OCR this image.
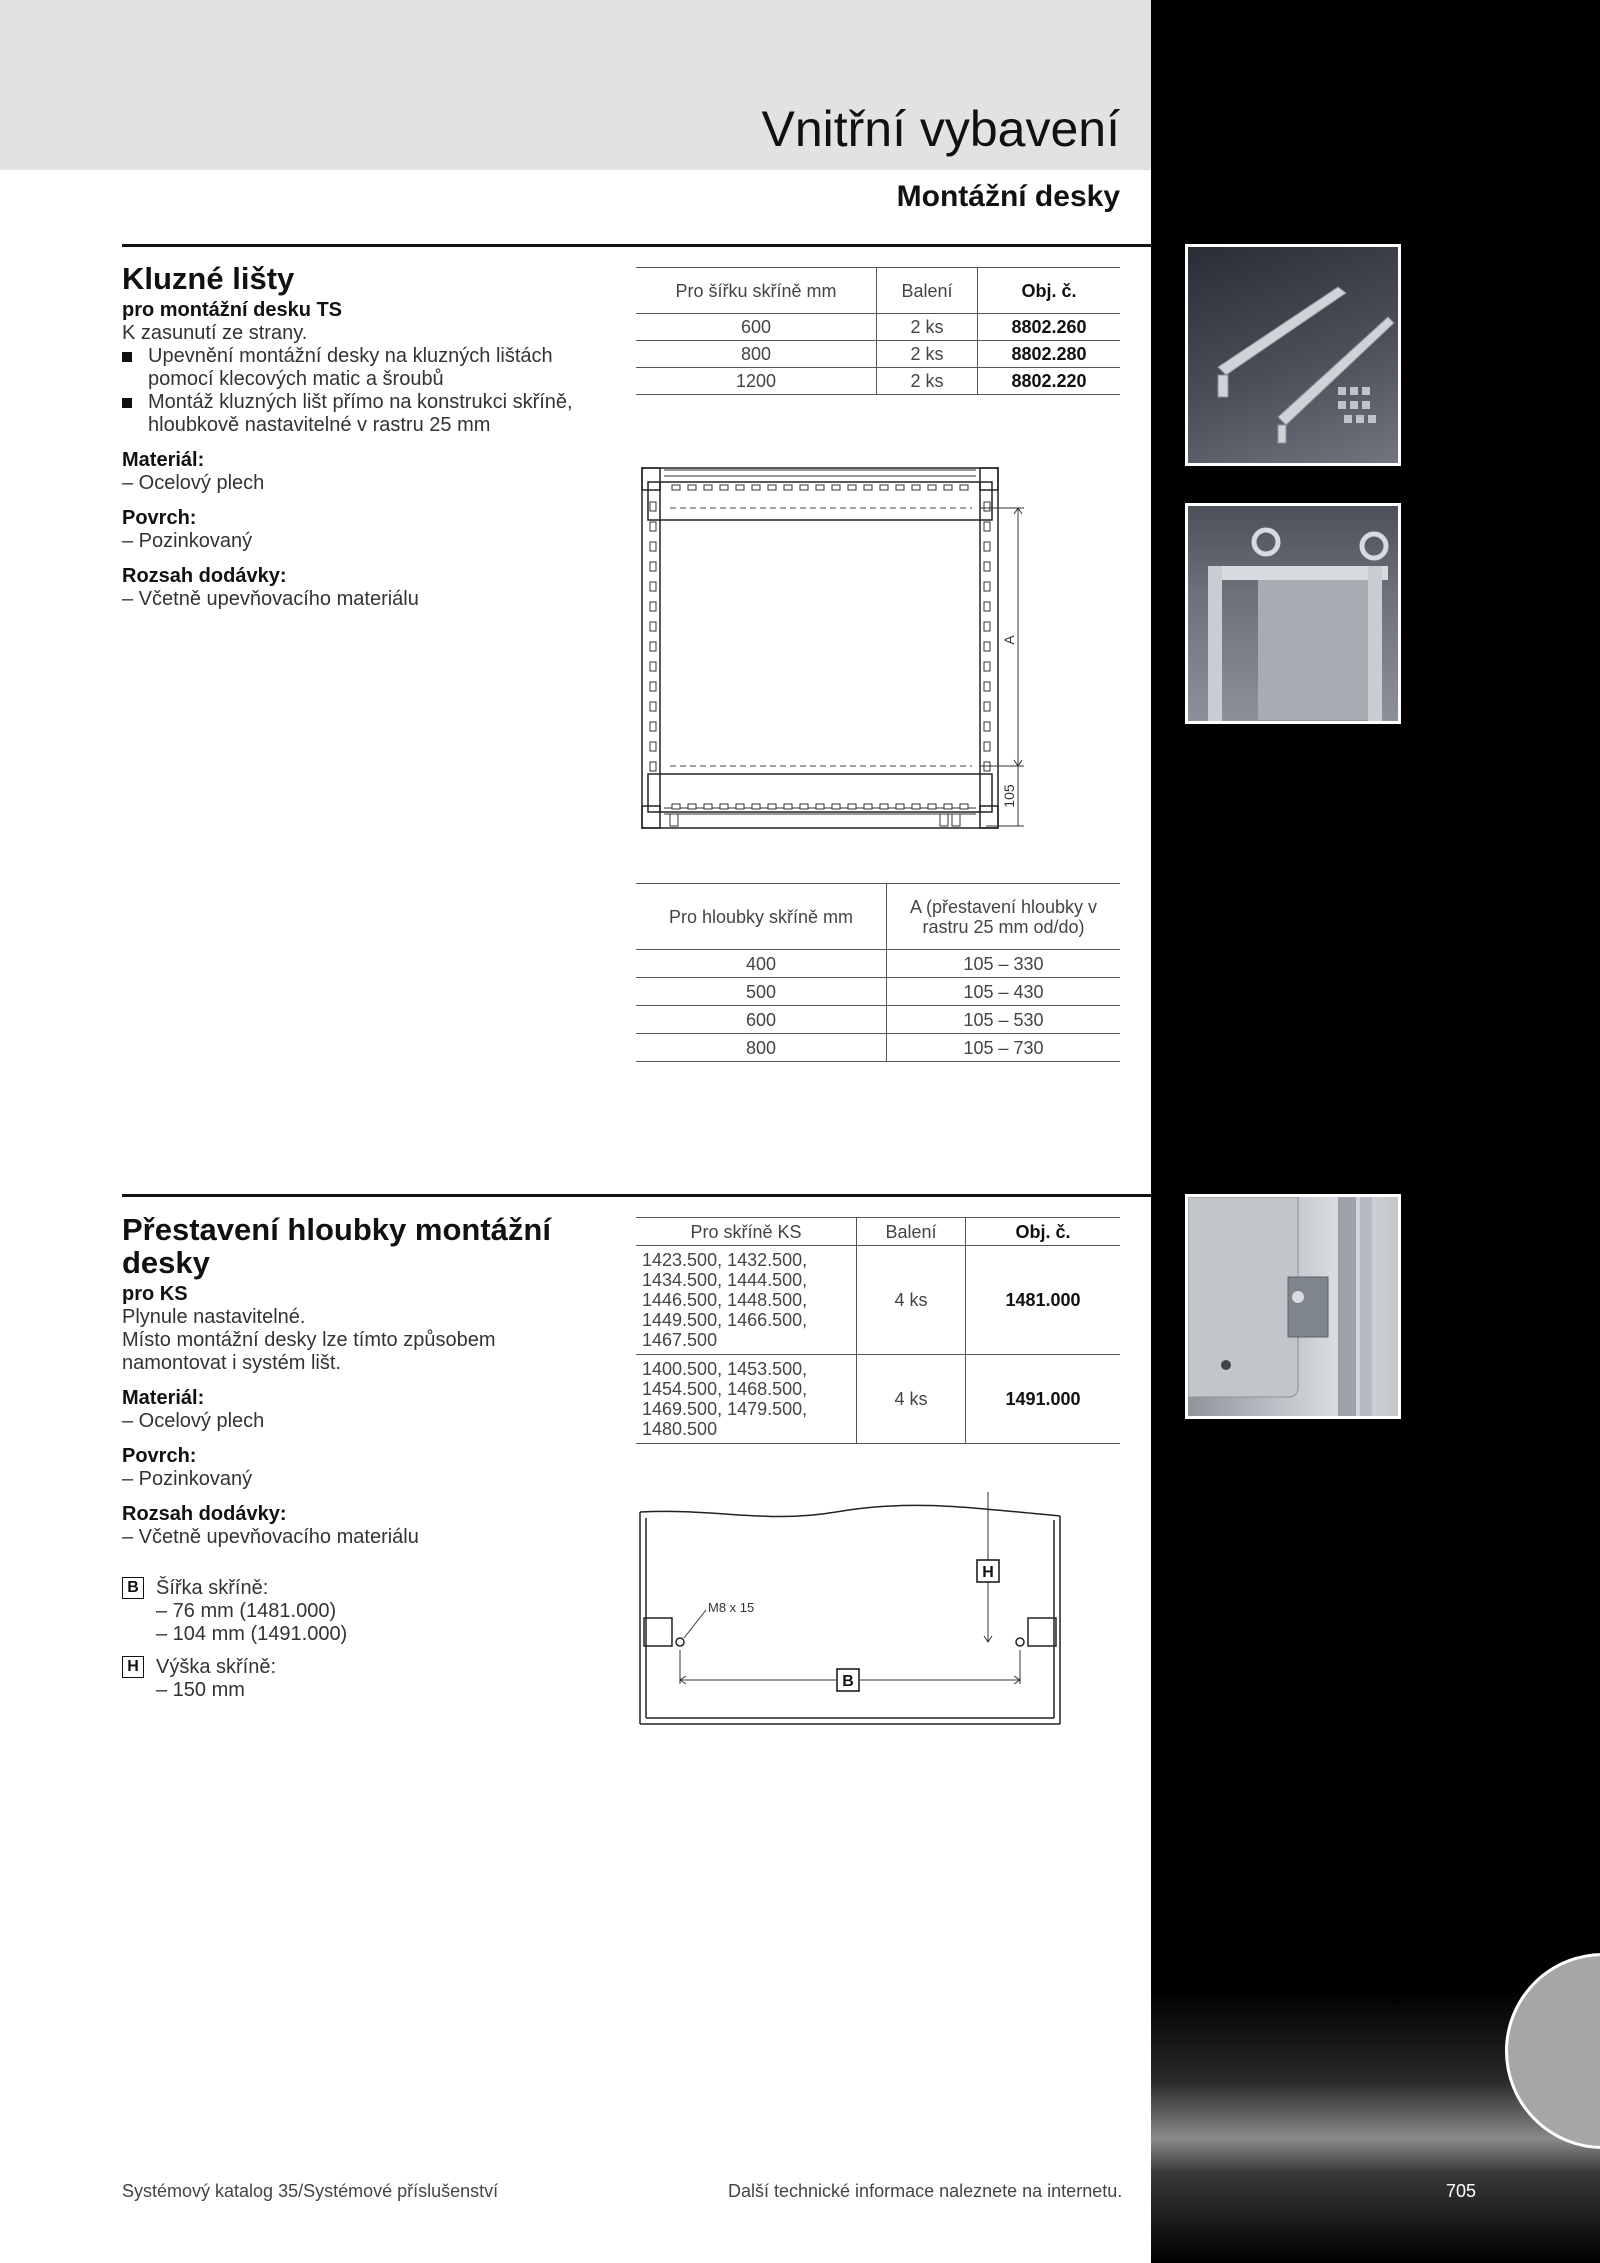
Vnitřní vybavení
Montážní desky
Kluzné lišty
pro montážní desku TS
K zasunutí ze strany.
Upevnění montážní desky na kluzných lištách pomocí klecových matic a šroubů
Montáž kluzných lišt přímo na konstrukci skříně, hloubkově nastavitelné v rastru 25 mm
Materiál:
– Ocelový plech
Povrch:
– Pozinkovaný
Rozsah dodávky:
– Včetně upevňovacího materiálu
Pro šířku skříně mm	Balení	Obj. č.
600	2 ks	8802.260
800	2 ks	8802.280
1200	2 ks	8802.220
A
105
Pro hloubky skříně mm	A (přestavení hloubky v rastru 25 mm od/do)
400	105 – 330
500	105 – 430
600	105 – 530
800	105 – 730
Přestavení hloubky montážní desky
pro KS
Plynule nastavitelné.
Místo montážní desky lze tímto způsobem namontovat i systém lišt.
Materiál:
– Ocelový plech
Povrch:
– Pozinkovaný
Rozsah dodávky:
– Včetně upevňovacího materiálu
B Šířka skříně:
– 76 mm (1481.000)
– 104 mm (1491.000)
H Výška skříně:
– 150 mm
Pro skříně KS	Balení	Obj. č.
1423.500, 1432.500, 1434.500, 1444.500, 1446.500, 1448.500, 1449.500, 1466.500, 1467.500	4 ks	1481.000
1400.500, 1453.500, 1454.500, 1468.500, 1469.500, 1479.500, 1480.500	4 ks	1491.000
M8 x 15
H
B
Systémový katalog 35/Systémové příslušenství	Další technické informace naleznete na internetu.	705
